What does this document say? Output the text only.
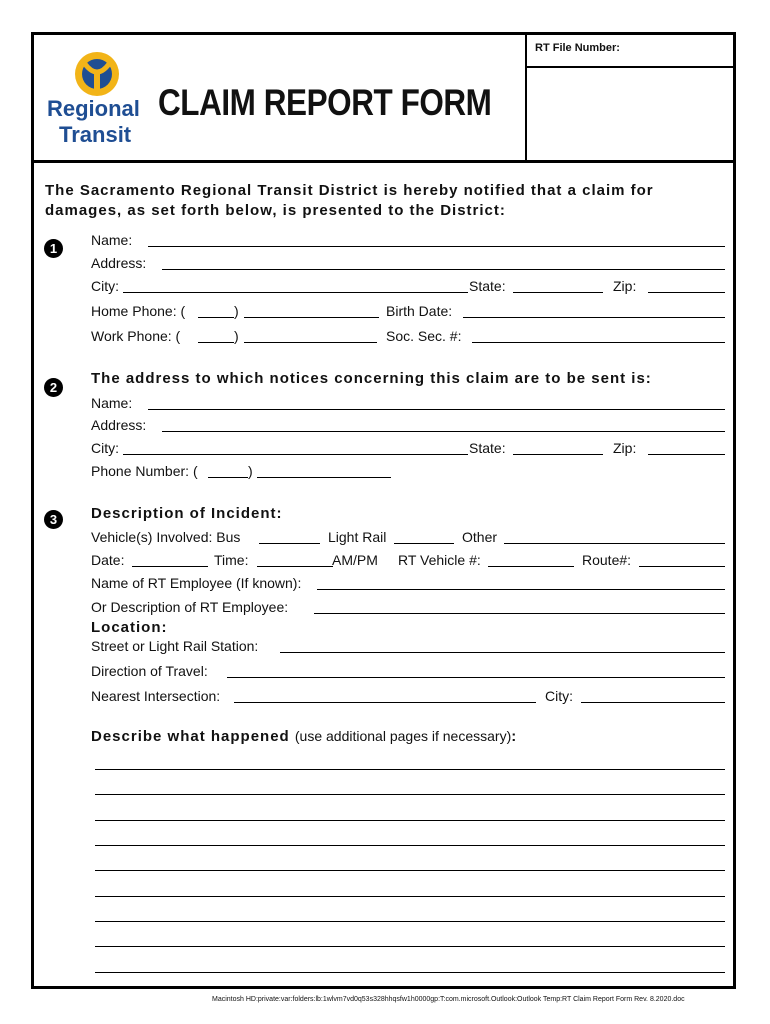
RT File Number:
Regional
Transit
CLAIM REPORT FORM
The Sacramento Regional Transit District is hereby notified that a claim for damages, as set forth below, is presented to the District:
1
Name:
Address:
City:	State:	Zip:
Home Phone: (	)	Birth Date:
Work Phone: (	)	Soc. Sec. #:
2
The address to which notices concerning this claim are to be sent is:
Name:
Address:
City:	State:	Zip:
Phone Number: (	)
3	Description of Incident:
Vehicle(s) Involved: Bus	Light Rail	Other
Date:	Time:	AM/PM RT Vehicle #:	Route#:
Name of RT Employee (If known):
Or Description of RT Employee:
Location:
Street or Light Rail Station:
Direction of Travel:
Nearest Intersection:	City:
Describe what happened (use additional pages if necessary):
Macintosh HD:private:var:folders:lb:1wlvm7vd0q53s328hhqsfw1h0000gp:T:com.microsoft.Outlook:Outlook Temp:RT Claim Report Form Rev. 8.2020.doc
